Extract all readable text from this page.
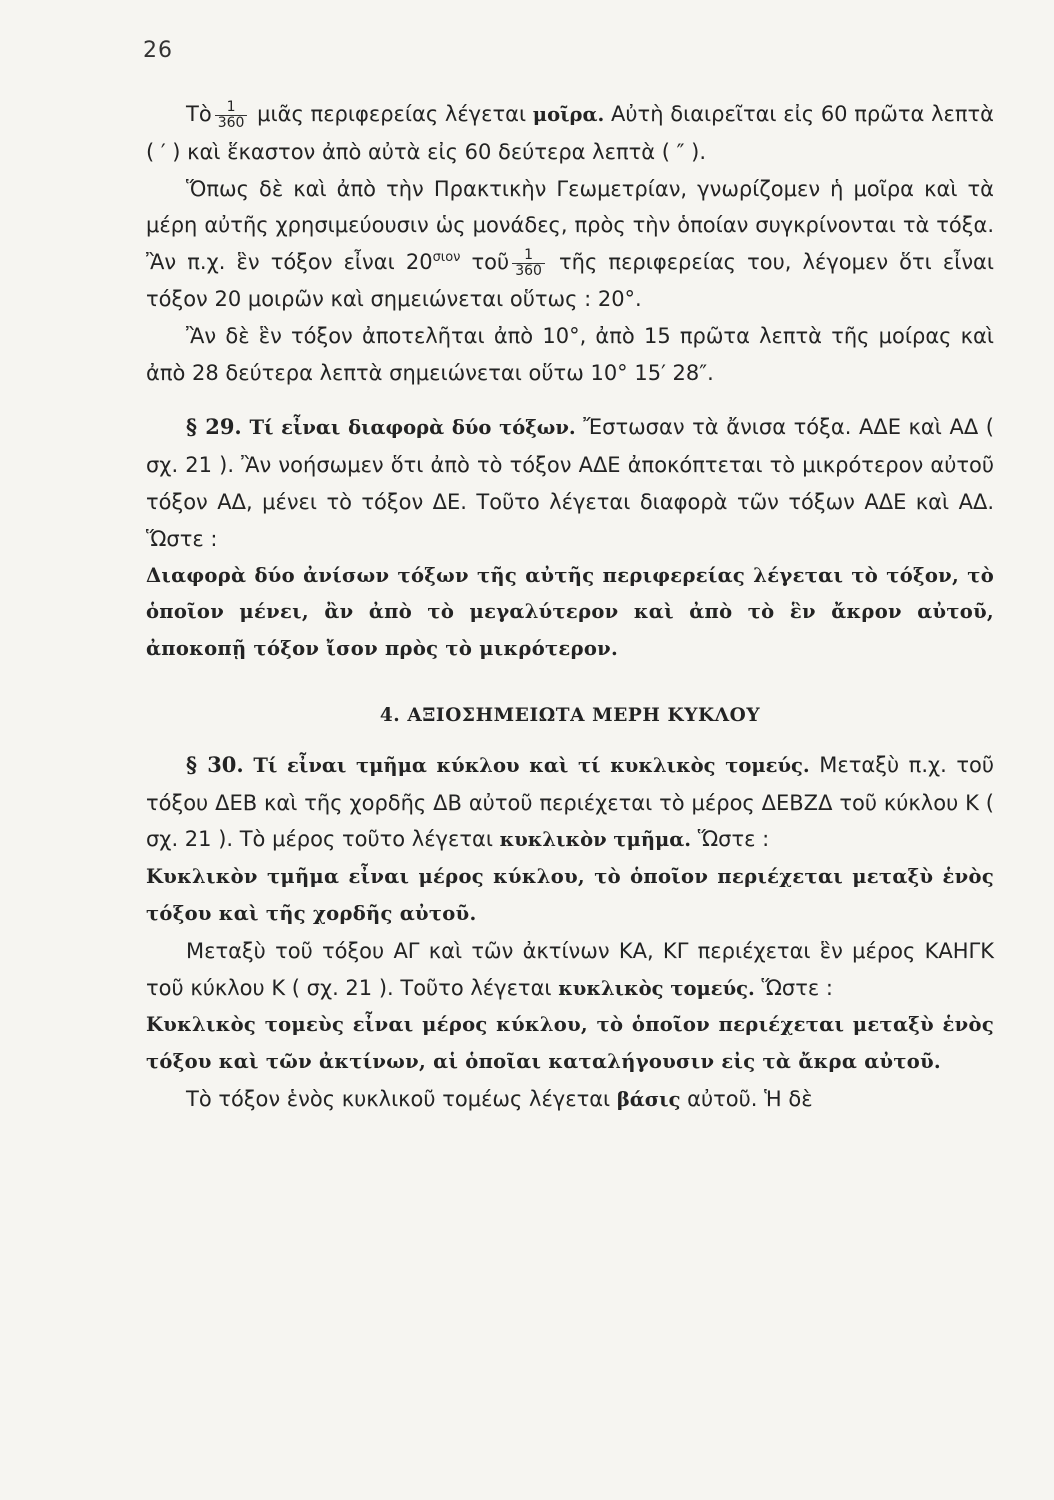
26

Τὸ $\frac{1}{360}$ μιᾶς περιφερείας λέγεται μοῖρα. Αὐτὴ διαιρεῖται εἰς 60 πρῶτα λεπτὰ ( ′ ) καὶ ἕκαστον ἀπὸ αὐτὰ εἰς 60 δεύτερα λεπτὰ ( ″ ).

Ὅπως δὲ καὶ ἀπὸ τὴν Πρακτικὴν Γεωμετρίαν, γνωρίζομεν ἡ μοῖρα καὶ τὰ μέρη αὐτῆς χρησιμεύουσιν ὡς μονάδες, πρὸς τὴν ὁποίαν συγκρίνονται τὰ τόξα. Ἂν π.χ. ἓν τόξον εἶναι $20^{\sigma\iota o\nu}$ τοῦ $\frac{1}{360}$ τῆς περιφερείας του, λέγομεν ὅτι εἶναι τόξον 20 μοιρῶν καὶ σημειώνεται οὕτως : 20°.

Ἂν δὲ ἓν τόξον ἀποτελῆται ἀπὸ 10°, ἀπὸ 15 πρῶτα λεπτὰ τῆς μοίρας καὶ ἀπὸ 28 δεύτερα λεπτὰ σημειώνεται οὕτω 10° 15′ 28″.

§ 29. Τί εἶναι διαφορὰ δύο τόξων. Ἔστωσαν τὰ ἄνισα τόξα. ΑΔΕ καὶ ΑΔ ( σχ. 21 ). Ἂν νοήσωμεν ὅτι ἀπὸ τὸ τόξον ΑΔΕ ἀποκόπτεται τὸ μικρότερον αὐτοῦ τόξον ΑΔ, μένει τὸ τόξον ΔΕ. Τοῦτο λέγεται διαφορὰ τῶν τόξων ΑΔΕ καὶ ΑΔ. Ὥστε :

Διαφορὰ δύο ἀνίσων τόξων τῆς αὐτῆς περιφερείας λέγεται τὸ τόξον, τὸ ὁποῖον μένει, ἂν ἀπὸ τὸ μεγαλύτερον καὶ ἀπὸ τὸ ἓν ἄκρον αὐτοῦ, ἀποκοπῇ τόξον ἴσον πρὸς τὸ μικρότερον.

4. ΑΞΙΟΣΗΜΕΙΩΤΑ ΜΕΡΗ ΚΥΚΛΟΥ

§ 30. Τί εἶναι τμῆμα κύκλου καὶ τί κυκλικὸς τομεύς. Μεταξὺ π.χ. τοῦ τόξου ΔΕΒ καὶ τῆς χορδῆς ΔΒ αὐτοῦ περιέχεται τὸ μέρος ΔΕΒΖΔ τοῦ κύκλου Κ ( σχ. 21 ). Τὸ μέρος τοῦτο λέγεται κυκλικὸν τμῆμα. Ὥστε :

Κυκλικὸν τμῆμα εἶναι μέρος κύκλου, τὸ ὁποῖον περιέχεται μεταξὺ ἑνὸς τόξου καὶ τῆς χορδῆς αὐτοῦ.

Μεταξὺ τοῦ τόξου ΑΓ καὶ τῶν ἀκτίνων ΚΑ, ΚΓ περιέχεται ἓν μέρος ΚΑΗΓΚ τοῦ κύκλου Κ ( σχ. 21 ). Τοῦτο λέγεται κυκλικὸς τομεύς. Ὥστε :

Κυκλικὸς τομεὺς εἶναι μέρος κύκλου, τὸ ὁποῖον περιέχεται μεταξὺ ἑνὸς τόξου καὶ τῶν ἀκτίνων, αἱ ὁποῖαι καταλήγουσιν εἰς τὰ ἄκρα αὐτοῦ.

Τὸ τόξον ἑνὸς κυκλικοῦ τομέως λέγεται βάσις αὐτοῦ. Ἡ δὲ
